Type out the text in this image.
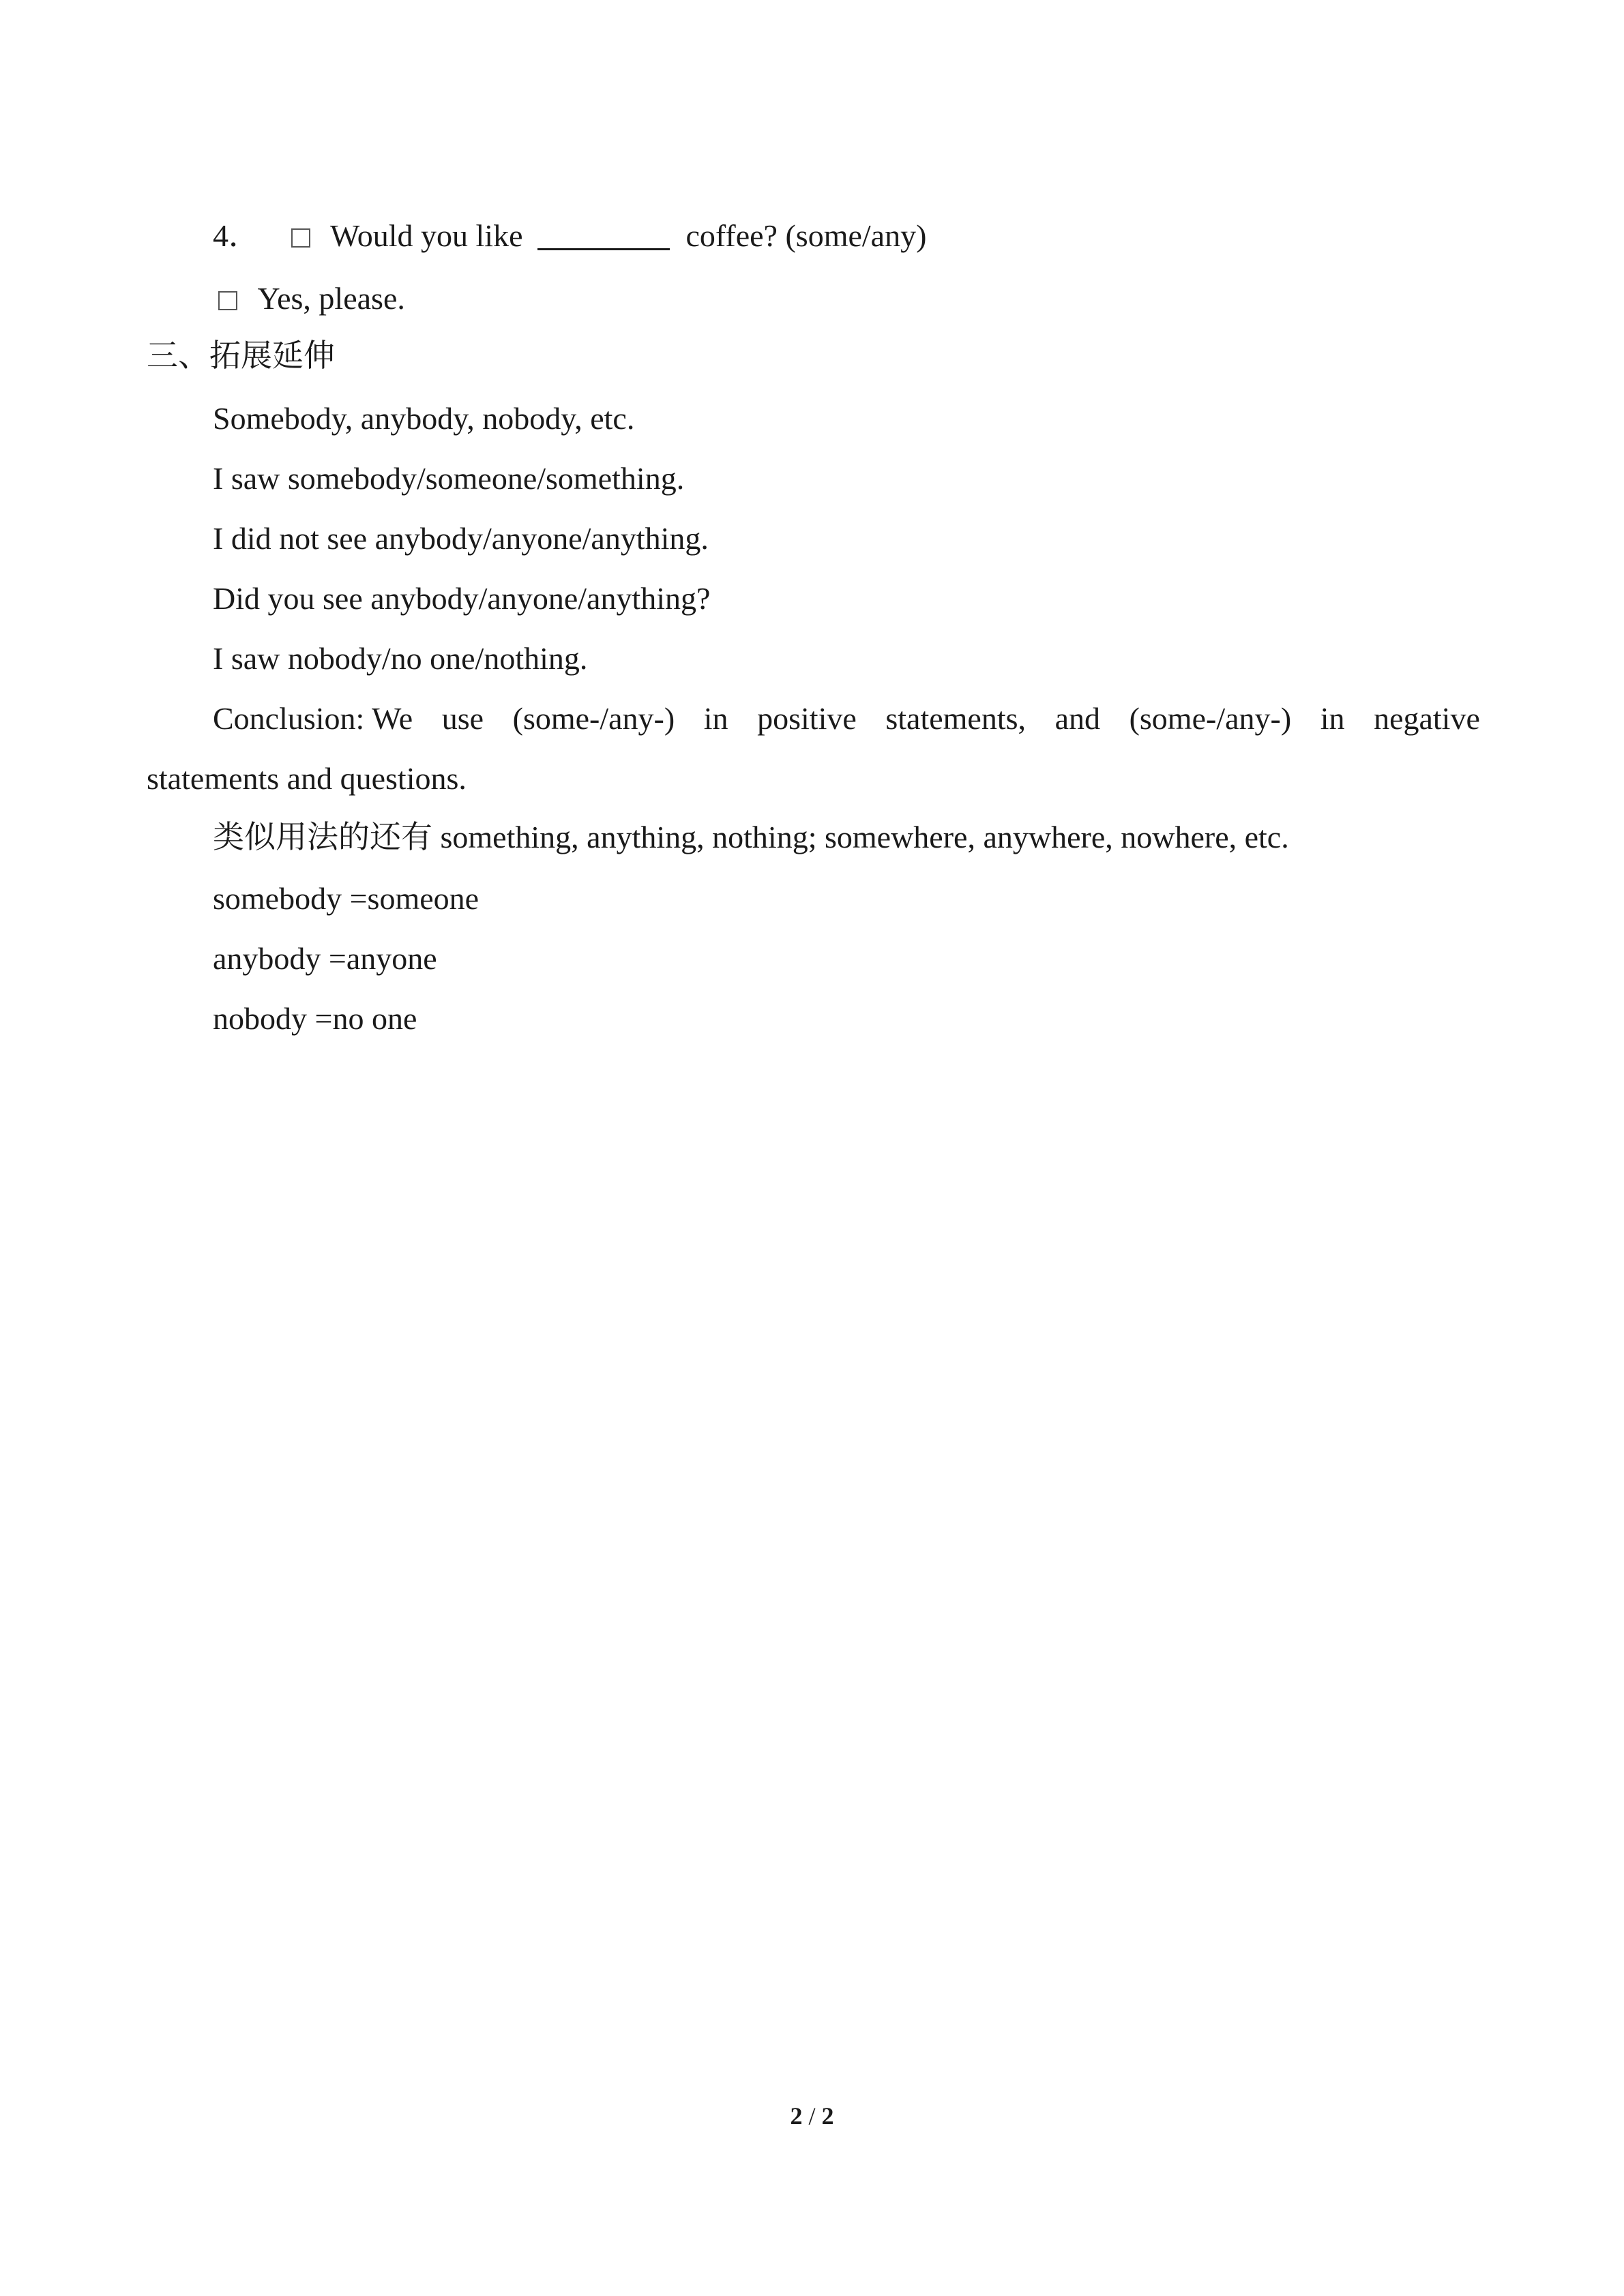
4． Would you like	coffee? (some/any)
Yes, please.
三、拓展延伸
Somebody, anybody, nobody, etc.
I saw somebody/someone/something.
I did not see anybody/anyone/anything.
Did you see anybody/anyone/anything?
I saw nobody/no one/nothing.
Conclusion: We use (some-/any-) in positive statements, and (some-/any-) in negative
statements and questions.
类似用法的还有 something, anything, nothing; somewhere, anywhere, nowhere, etc.
somebody =someone
anybody =anyone
nobody =no one
2 / 2
